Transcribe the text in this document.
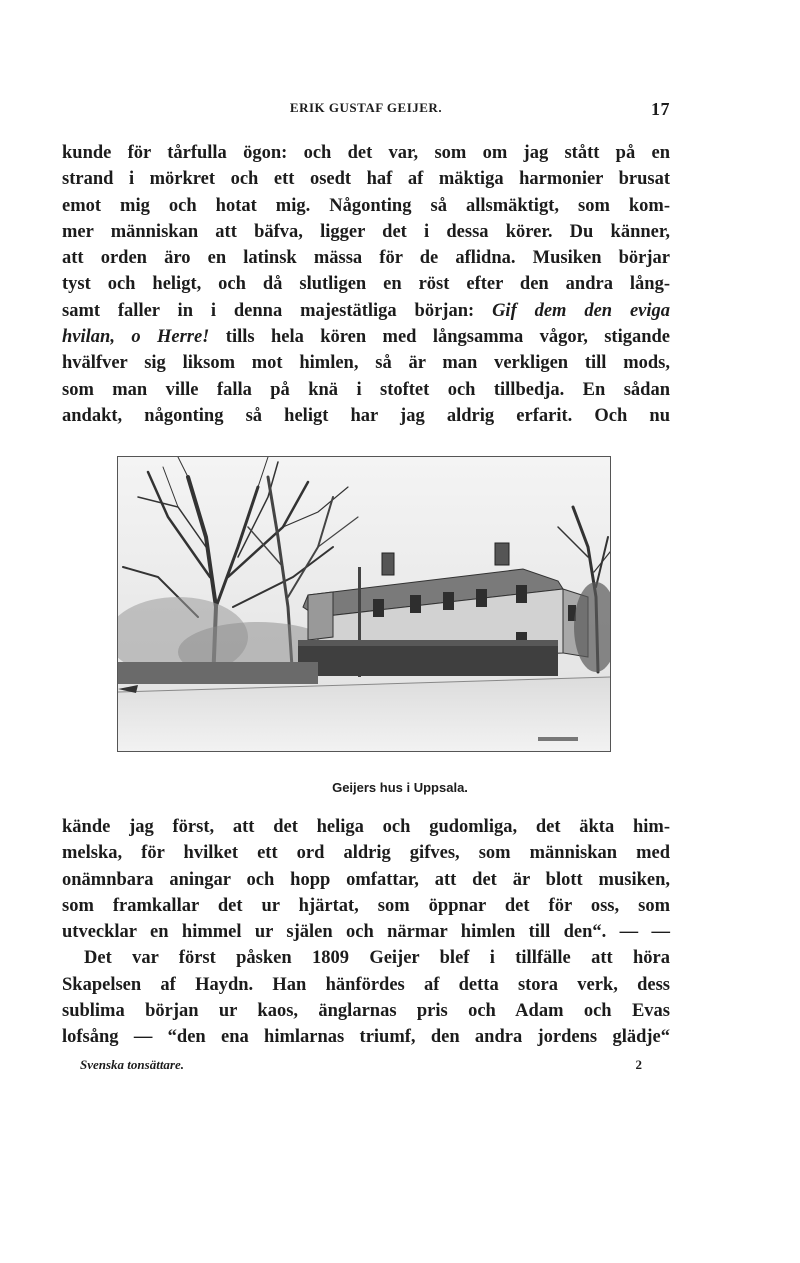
ERIK GUSTAF GEIJER.	17
kunde för tårfulla ögon: och det var, som om jag stått på en
strand i mörkret och ett osedt haf af mäktiga harmonier brusat
emot mig och hotat mig. Någonting så allsmäktigt, som kom-
mer människan att bäfva, ligger det i dessa körer. Du känner,
att orden äro en latinsk mässa för de aflidna. Musiken börjar
tyst och heligt, och då slutligen en röst efter den andra lång-
samt faller in i denna majestätliga början: Gif dem den eviga
hvilan, o Herre! tills hela kören med långsamma vågor, stigande
hvälfver sig liksom mot himlen, så är man verkligen till mods,
som man ville falla på knä i stoftet och tillbedja. En sådan
andakt, någonting så heligt har jag aldrig erfarit. Och nu
Geijers hus i Uppsala.
kände jag först, att det heliga och gudomliga, det äkta him-
melska, för hvilket ett ord aldrig gifves, som människan med
onämnbara aningar och hopp omfattar, att det är blott musiken,
som framkallar det ur hjärtat, som öppnar det för oss, som
utvecklar en himmel ur själen och närmar himlen till den“. — —
Det var först påsken 1809 Geijer blef i tillfälle att höra
Skapelsen af Haydn. Han hänfördes af detta stora verk, dess
sublima början ur kaos, änglarnas pris och Adam och Evas
lofsång — “den ena himlarnas triumf, den andra jordens glädje“
Svenska tonsättare.	2
